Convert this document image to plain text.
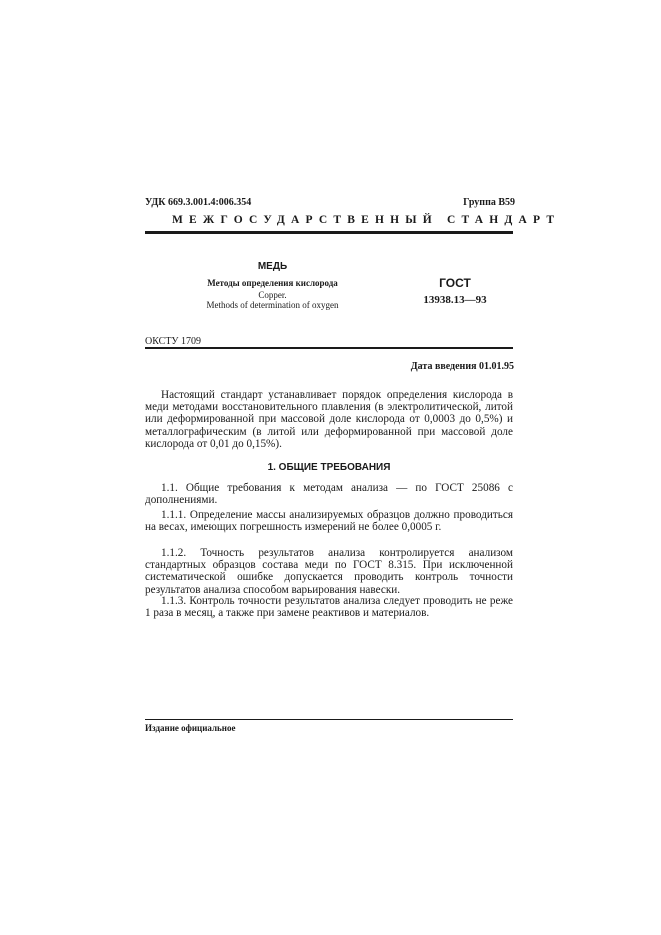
УДК 669.3.001.4:006.354	Группа В59
МЕЖГОСУДАРСТВЕННЫЙ СТАНДАРТ
МЕДЬ
Методы определения кислорода
Copper.
Methods of determination of oxygen
ГОСТ
13938.13—93
ОКСТУ 1709
Дата введения 01.01.95
Настоящий стандарт устанавливает порядок определения кислорода в меди методами восстановительного плавления (в электролитической, литой или деформированной при массовой доле кислорода от 0,0003 до 0,5%) и металлографическим (в литой или деформированной при массовой доле кислорода от 0,01 до 0,15%).
1. ОБЩИЕ ТРЕБОВАНИЯ
1.1. Общие требования к методам анализа — по ГОСТ 25086 с дополнениями.
1.1.1. Определение массы анализируемых образцов должно проводиться на весах, имеющих погрешность измерений не более 0,0005 г.
1.1.2. Точность результатов анализа контролируется анализом стандартных образцов состава меди по ГОСТ 8.315. При исключенной систематической ошибке допускается проводить контроль точности результатов анализа способом варьирования навески.
1.1.3. Контроль точности результатов анализа следует проводить не реже 1 раза в месяц, а также при замене реактивов и материалов.
Издание официальное
